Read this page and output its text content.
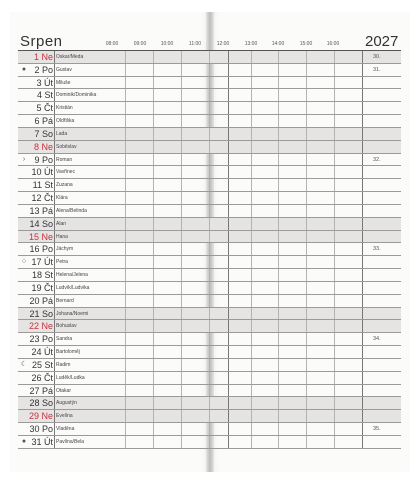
Srpen	2027
08:00	09:00	10:00	11:00	12:00	13:00	14:00	15:00	16:00
1 Ne Oskar/Meda	30.
● 2 Po Gustav	31.
3 Út Miluše
4 St Dominik/Dominika
5 Čt Kristián
6 Pá Oldřiška
7 So Lada
8 Ne Soběslav
›	9 Po Roman	32.
10 Út Vavřinec
11 St Zuzana
12 Čt Klára
13 Pá Alena/Belinda
14 So Alan
15 Ne Hana
16 Po Jáchym	33.
○ 17 Út Petra
18 St Helena/Jelena
19 Čt Ludvík/Ludvika
20 Pá Bernard
21 So Johana/Noemi
22 Ne Bohuslav
23 Po Sandra	34.
24 Út Bartoloměj
☾ 25 St Radim
26 Čt Luděk/Ludka
27 Pá Otakar
28 So Augustýn
29 Ne Evelína
30 Po Vladěna	35.
● 31 Út Pavlína/Bela
